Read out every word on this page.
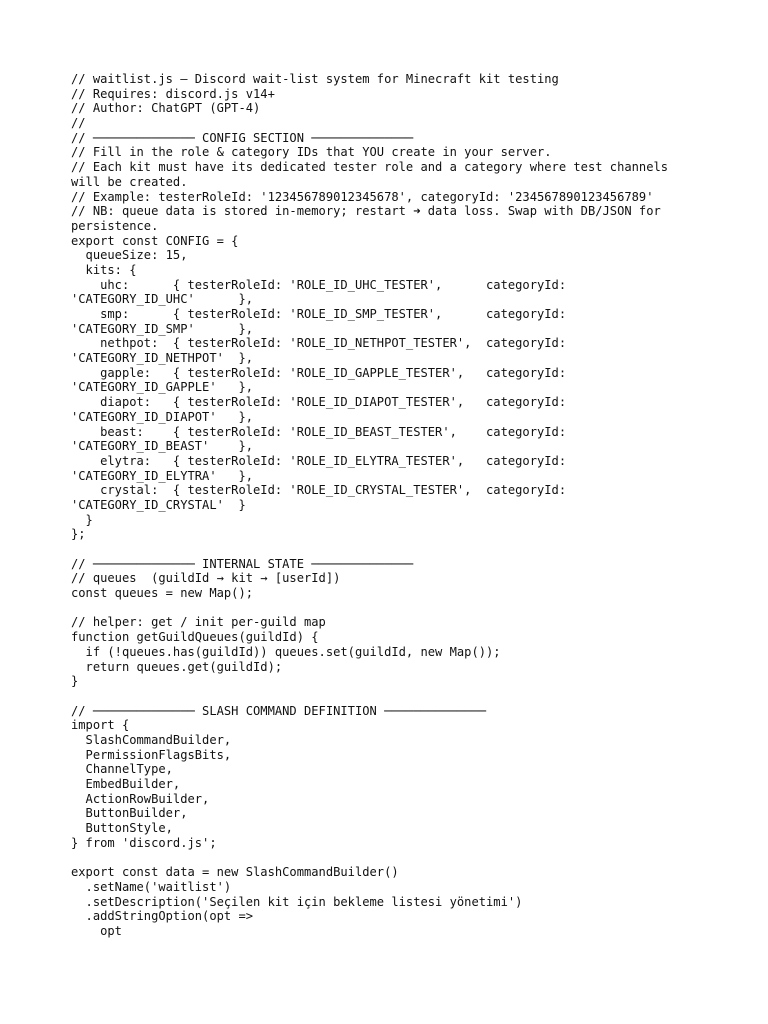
// waitlist.js — Discord wait-list system for Minecraft kit testing
// Requires: discord.js v14+
// Author: ChatGPT (GPT-4)
//
// ────────────── CONFIG SECTION ──────────────
// Fill in the role & category IDs that YOU create in your server.
// Each kit must have its dedicated tester role and a category where test channels
will be created.
// Example: testerRoleId: '123456789012345678', categoryId: '234567890123456789'
// NB: queue data is stored in-memory; restart ➜ data loss. Swap with DB/JSON for
persistence.
export const CONFIG = {
queueSize: 15,
kits: {
uhc:      { testerRoleId: 'ROLE_ID_UHC_TESTER',      categoryId:
'CATEGORY_ID_UHC'      },
smp:      { testerRoleId: 'ROLE_ID_SMP_TESTER',      categoryId:
'CATEGORY_ID_SMP'      },
nethpot:  { testerRoleId: 'ROLE_ID_NETHPOT_TESTER',  categoryId:
'CATEGORY_ID_NETHPOT'  },
gapple:   { testerRoleId: 'ROLE_ID_GAPPLE_TESTER',   categoryId:
'CATEGORY_ID_GAPPLE'   },
diapot:   { testerRoleId: 'ROLE_ID_DIAPOT_TESTER',   categoryId:
'CATEGORY_ID_DIAPOT'   },
beast:    { testerRoleId: 'ROLE_ID_BEAST_TESTER',    categoryId:
'CATEGORY_ID_BEAST'    },
elytra:   { testerRoleId: 'ROLE_ID_ELYTRA_TESTER',   categoryId:
'CATEGORY_ID_ELYTRA'   },
crystal:  { testerRoleId: 'ROLE_ID_CRYSTAL_TESTER',  categoryId:
'CATEGORY_ID_CRYSTAL'  }
}
};
// ────────────── INTERNAL STATE ──────────────
// queues  (guildId → kit → [userId])
const queues = new Map();
// helper: get / init per-guild map
function getGuildQueues(guildId) {
if (!queues.has(guildId)) queues.set(guildId, new Map());
return queues.get(guildId);
}
// ────────────── SLASH COMMAND DEFINITION ──────────────
import {
SlashCommandBuilder,
PermissionFlagsBits,
ChannelType,
EmbedBuilder,
ActionRowBuilder,
ButtonBuilder,
ButtonStyle,
} from 'discord.js';
export const data = new SlashCommandBuilder()
.setName('waitlist')
.setDescription('Seçilen kit için bekleme listesi yönetimi')
.addStringOption(opt =>
opt
